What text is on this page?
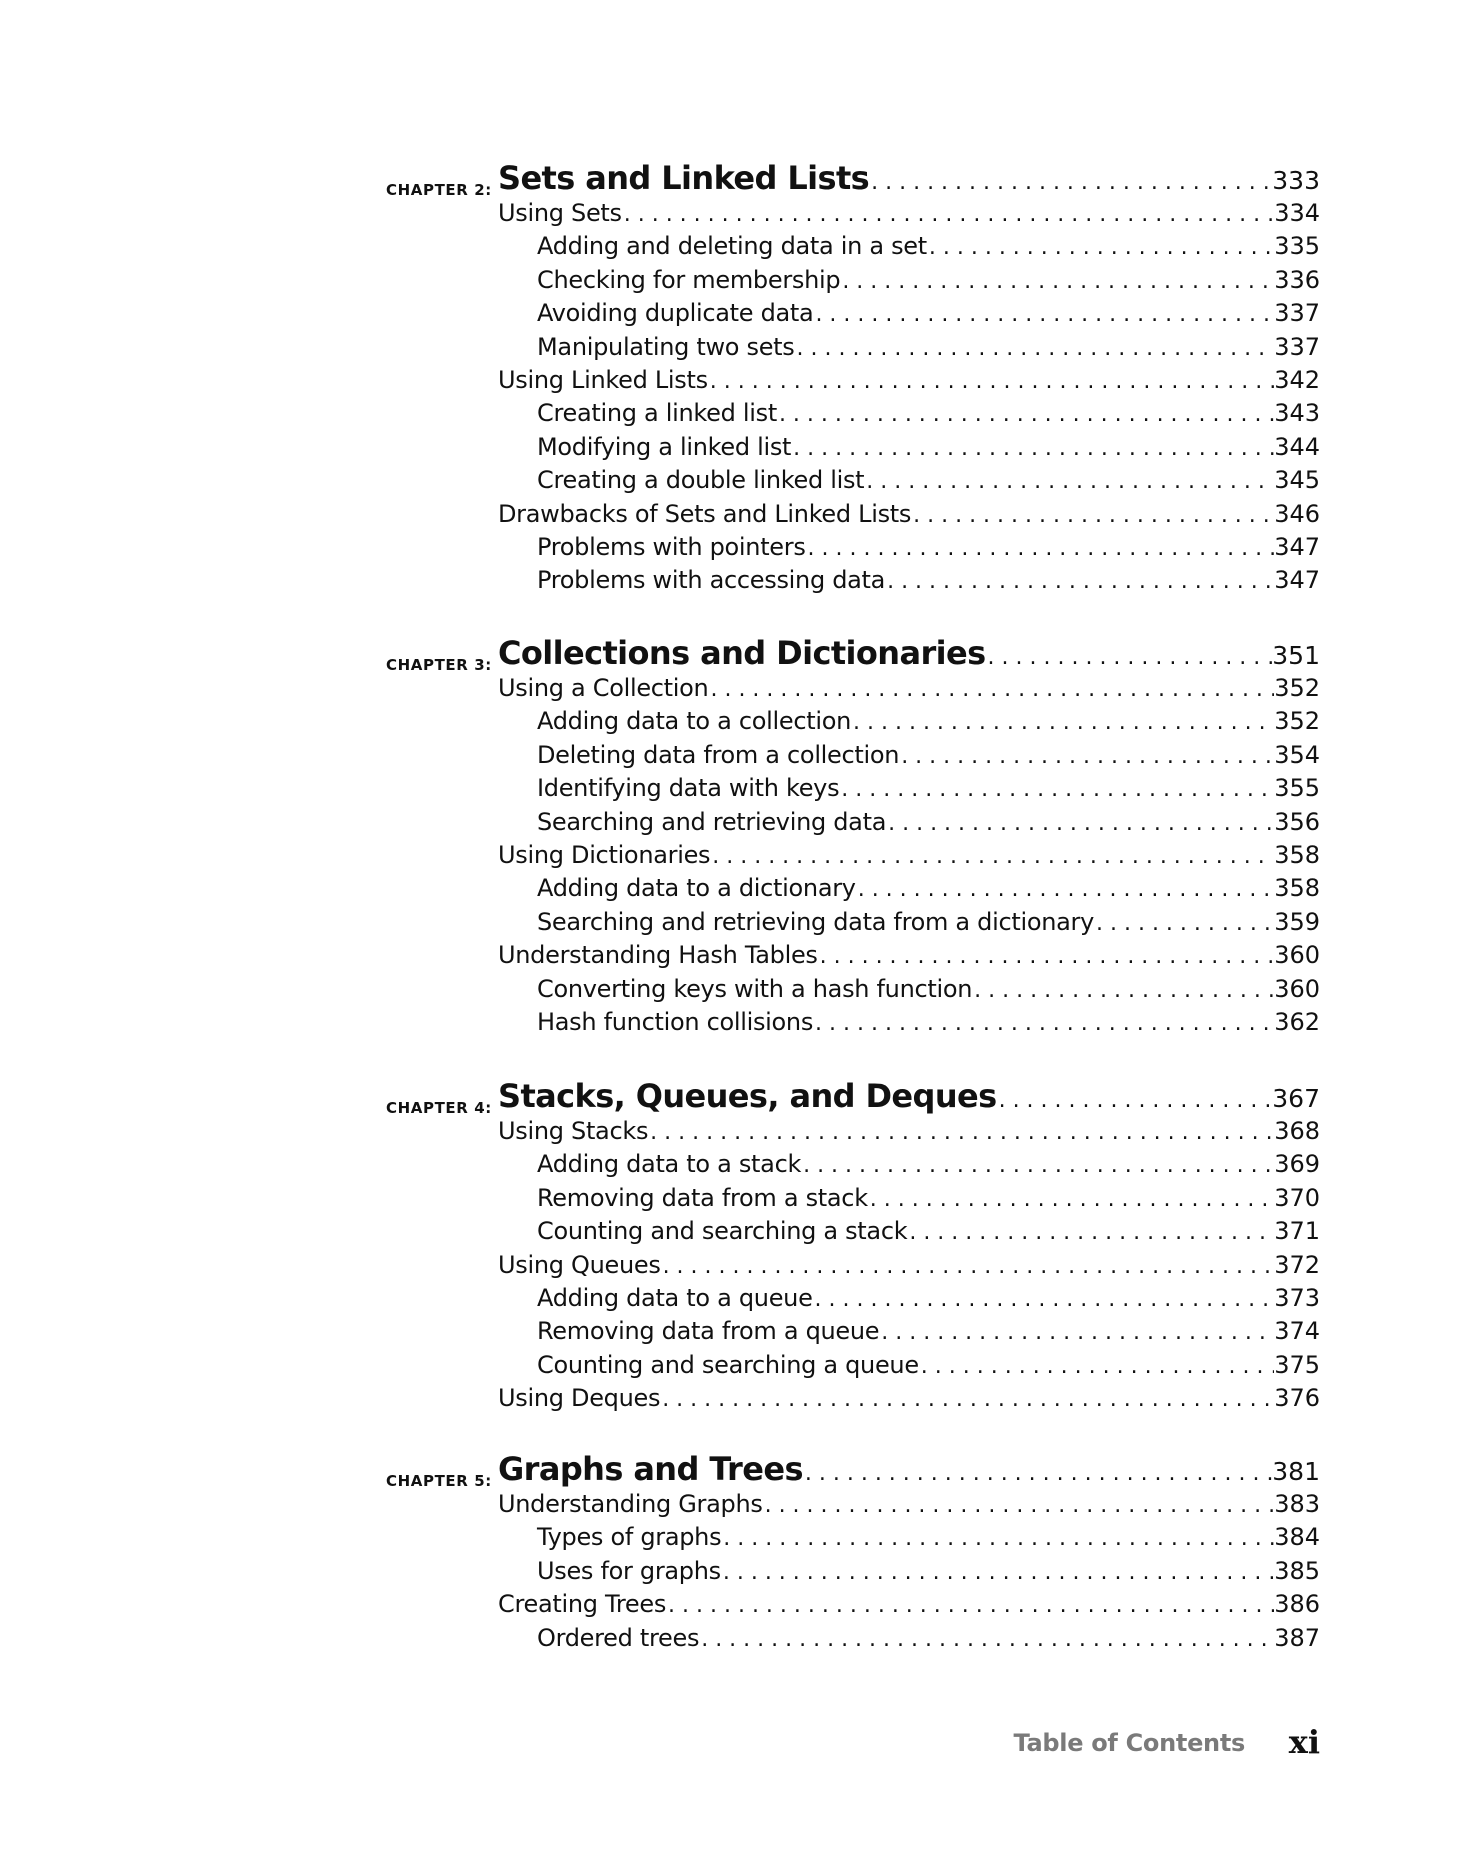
CHAPTER 2: Sets and Linked Lists . . .	333
Using Sets . . .	334
Adding and deleting data in a set . . .	335
Checking for membership . . .	336
Avoiding duplicate data . . .	337
Manipulating two sets . . .	337
Using Linked Lists . . .	342
Creating a linked list . . .	343
Modifying a linked list . . .	344
Creating a double linked list . . .	345
Drawbacks of Sets and Linked Lists . . .	346
Problems with pointers . . .	347
Problems with accessing data . . .	347
CHAPTER 3: Collections and Dictionaries . . .	351
Using a Collection . . .	352
Adding data to a collection . . .	352
Deleting data from a collection . . .	354
Identifying data with keys . . .	355
Searching and retrieving data . . .	356
Using Dictionaries . . .	358
Adding data to a dictionary . . .	358
Searching and retrieving data from a dictionary . . .	359
Understanding Hash Tables . . .	360
Converting keys with a hash function . . .	360
Hash function collisions . . .	362
CHAPTER 4: Stacks, Queues, and Deques . . .	367
Using Stacks . . .	368
Adding data to a stack . . .	369
Removing data from a stack . . .	370
Counting and searching a stack . . .	371
Using Queues . . .	372
Adding data to a queue . . .	373
Removing data from a queue . . .	374
Counting and searching a queue . . .	375
Using Deques . . .	376
CHAPTER 5: Graphs and Trees . . .	381
Understanding Graphs . . .	383
Types of graphs . . .	384
Uses for graphs . . .	385
Creating Trees . . .	386
Ordered trees . . .	387
Table of Contents xi
